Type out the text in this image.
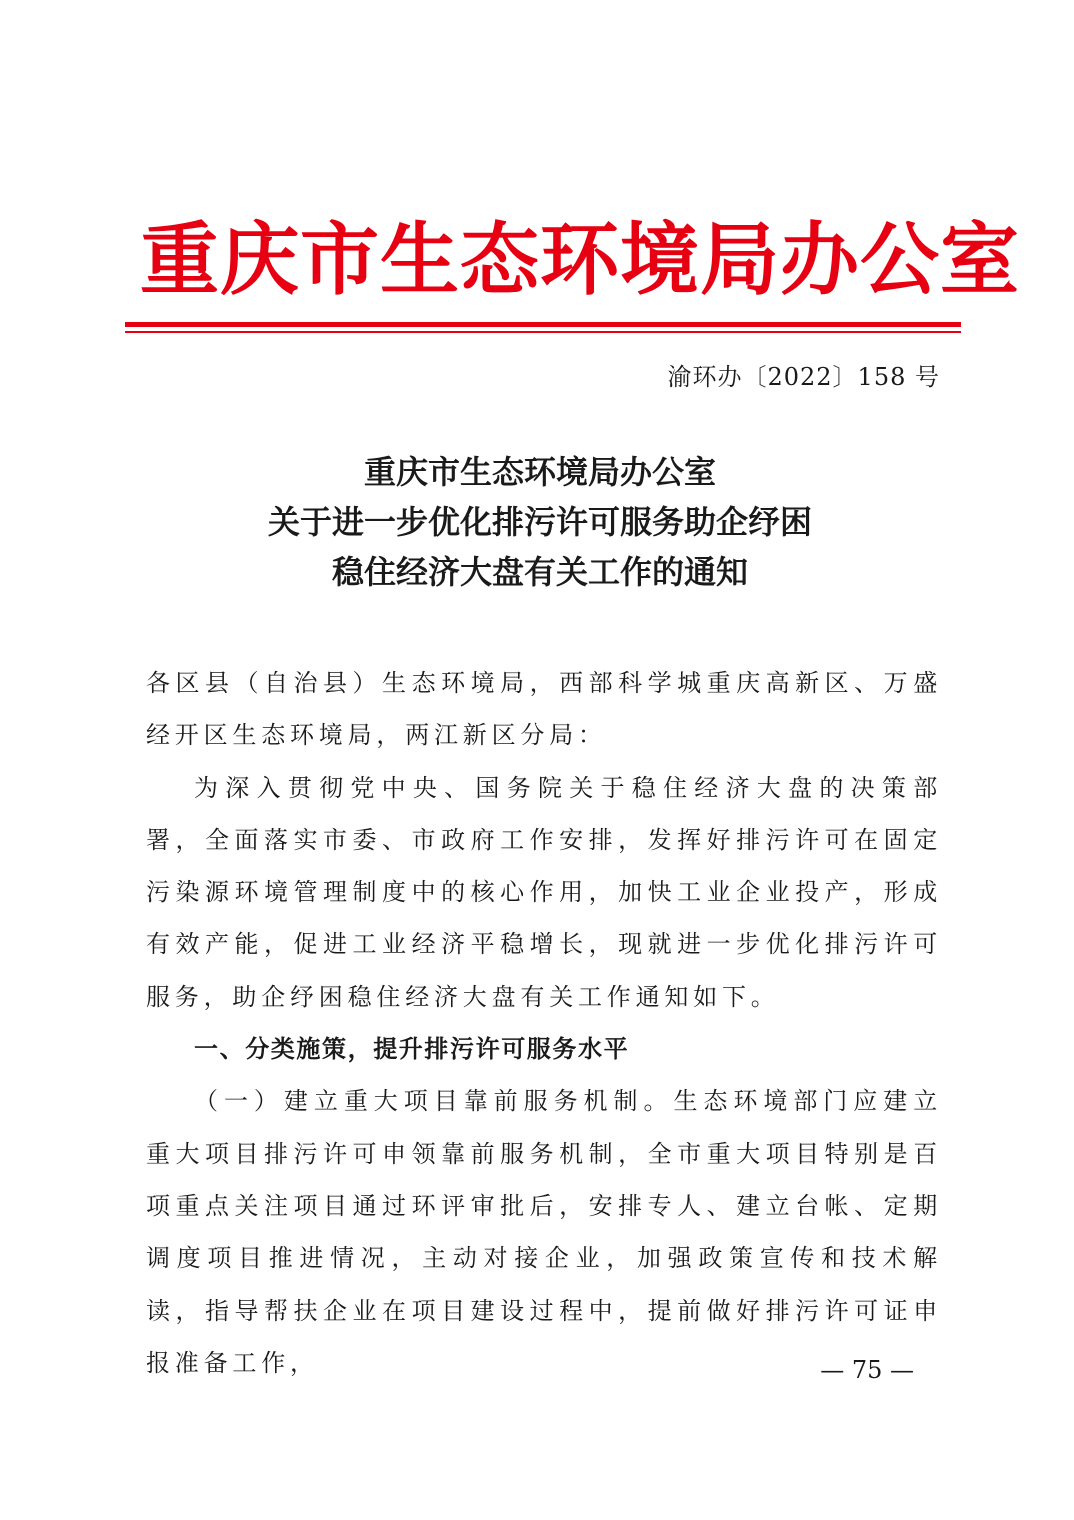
重庆市生态环境局办公室
渝环办〔2022〕158 号
重庆市生态环境局办公室
关于进一步优化排污许可服务助企纾困
稳住经济大盘有关工作的通知

各区县（自治县）生态环境局，西部科学城重庆高新区、万盛经开区生态环境局，两江新区分局：

为深入贯彻党中央、国务院关于稳住经济大盘的决策部署，全面落实市委、市政府工作安排，发挥好排污许可在固定污染源环境管理制度中的核心作用，加快工业企业投产，形成有效产能，促进工业经济平稳增长，现就进一步优化排污许可服务，助企纾困稳住经济大盘有关工作通知如下。

一、分类施策，提升排污许可服务水平

（一）建立重大项目靠前服务机制。生态环境部门应建立重大项目排污许可申领靠前服务机制，全市重大项目特别是百项重点关注项目通过环评审批后，安排专人、建立台帐、定期调度项目推进情况，主动对接企业，加强政策宣传和技术解读，指导帮扶企业在项目建设过程中，提前做好排污许可证申报准备工作，	— 75 —
